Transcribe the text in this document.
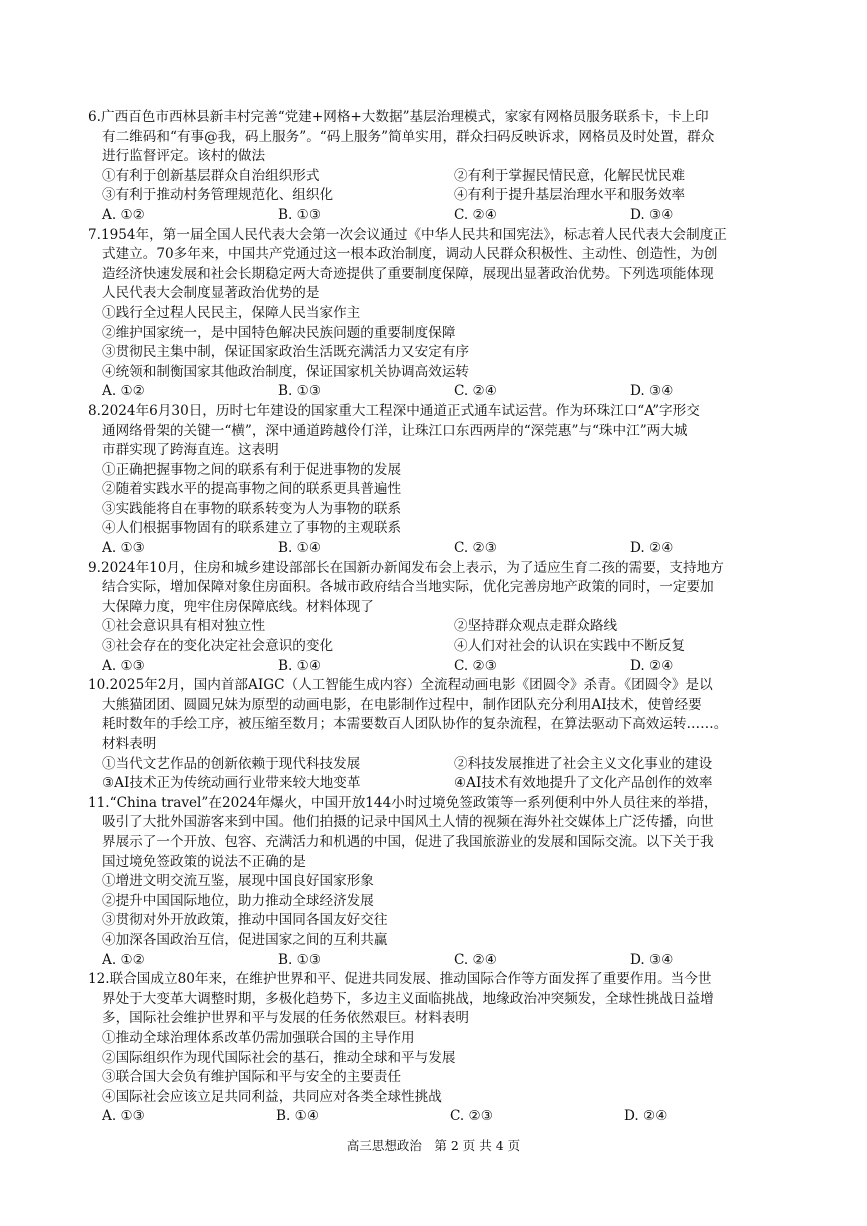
6.广西百色市西林县新丰村完善“党建+网格+大数据”基层治理模式，家家有网格员服务联系卡，卡上印

有二维码和“有事@我，码上服务”。“码上服务”简单实用，群众扫码反映诉求，网格员及时处置，群众

进行监督评定。该村的做法

①有利于创新基层群众自治组织形式	②有利于掌握民情民意，化解民忧民难
③有利于推动村务管理规范化、组织化	④有利于提升基层治理水平和服务效率
A. ①②	B. ①③	C. ②④	D. ③④

7.1954年，第一届全国人民代表大会第一次会议通过《中华人民共和国宪法》，标志着人民代表大会制度正

式建立。70多年来，中国共产党通过这一根本政治制度，调动人民群众积极性、主动性、创造性，为创

造经济快速发展和社会长期稳定两大奇迹提供了重要制度保障，展现出显著政治优势。下列选项能体现

人民代表大会制度显著政治优势的是

①践行全过程人民民主，保障人民当家作主

②维护国家统一，是中国特色解决民族问题的重要制度保障

③贯彻民主集中制，保证国家政治生活既充满活力又安定有序

④统领和制衡国家其他政治制度，保证国家机关协调高效运转

A. ①②	B. ①③	C. ②④	D. ③④

8.2024年6月30日，历时七年建设的国家重大工程深中通道正式通车试运营。作为环珠江口“A”字形交

通网络骨架的关键一“横”，深中通道跨越伶仃洋，让珠江口东西两岸的“深莞惠”与“珠中江”两大城

市群实现了跨海直连。这表明

①正确把握事物之间的联系有利于促进事物的发展

②随着实践水平的提高事物之间的联系更具普遍性

③实践能将自在事物的联系转变为人为事物的联系

④人们根据事物固有的联系建立了事物的主观联系

A. ①③	B. ①④	C. ②③	D. ②④

9.2024年10月，住房和城乡建设部部长在国新办新闻发布会上表示，为了适应生育二孩的需要，支持地方

结合实际，增加保障对象住房面积。各城市政府结合当地实际，优化完善房地产政策的同时，一定要加

大保障力度，兜牢住房保障底线。材料体现了

①社会意识具有相对独立性	②坚持群众观点走群众路线
③社会存在的变化决定社会意识的变化	④人们对社会的认识在实践中不断反复
A. ①③	B. ①④	C. ②③	D. ②④

10.2025年2月，国内首部AIGC（人工智能生成内容）全流程动画电影《团圆令》杀青。《团圆令》是以

大熊猫团团、圆圆兄妹为原型的动画电影，在电影制作过程中，制作团队充分利用AI技术，使曾经要

耗时数年的手绘工序，被压缩至数月；本需要数百人团队协作的复杂流程，在算法驱动下高效运转……。

材料表明

①当代文艺作品的创新依赖于现代科技发展	②科技发展推进了社会主义文化事业的建设
③AI技术正为传统动画行业带来较大地变革	④AI技术有效地提升了文化产品创作的效率

11.“China travel”在2024年爆火，中国开放144小时过境免签政策等一系列便利中外人员往来的举措，

吸引了大批外国游客来到中国。他们拍摄的记录中国风土人情的视频在海外社交媒体上广泛传播，向世

界展示了一个开放、包容、充满活力和机遇的中国，促进了我国旅游业的发展和国际交流。以下关于我

国过境免签政策的说法不正确的是

①增进文明交流互鉴，展现中国良好国家形象

②提升中国国际地位，助力推动全球经济发展

③贯彻对外开放政策，推动中国同各国友好交往

④加深各国政治互信，促进国家之间的互利共赢

A. ①②	B. ①③	C. ②④	D. ③④

12.联合国成立80年来，在维护世界和平、促进共同发展、推动国际合作等方面发挥了重要作用。当今世

界处于大变革大调整时期，多极化趋势下，多边主义面临挑战，地缘政治冲突频发，全球性挑战日益增

多，国际社会维护世界和平与发展的任务依然艰巨。材料表明

①推动全球治理体系改革仍需加强联合国的主导作用

②国际组织作为现代国际社会的基石，推动全球和平与发展

③联合国大会负有维护国际和平与安全的主要责任

④国际社会应该立足共同利益，共同应对各类全球性挑战

A. ①③	B. ①④	C. ②③	D. ②④
高三思想政治　第 2 页 共 4 页
